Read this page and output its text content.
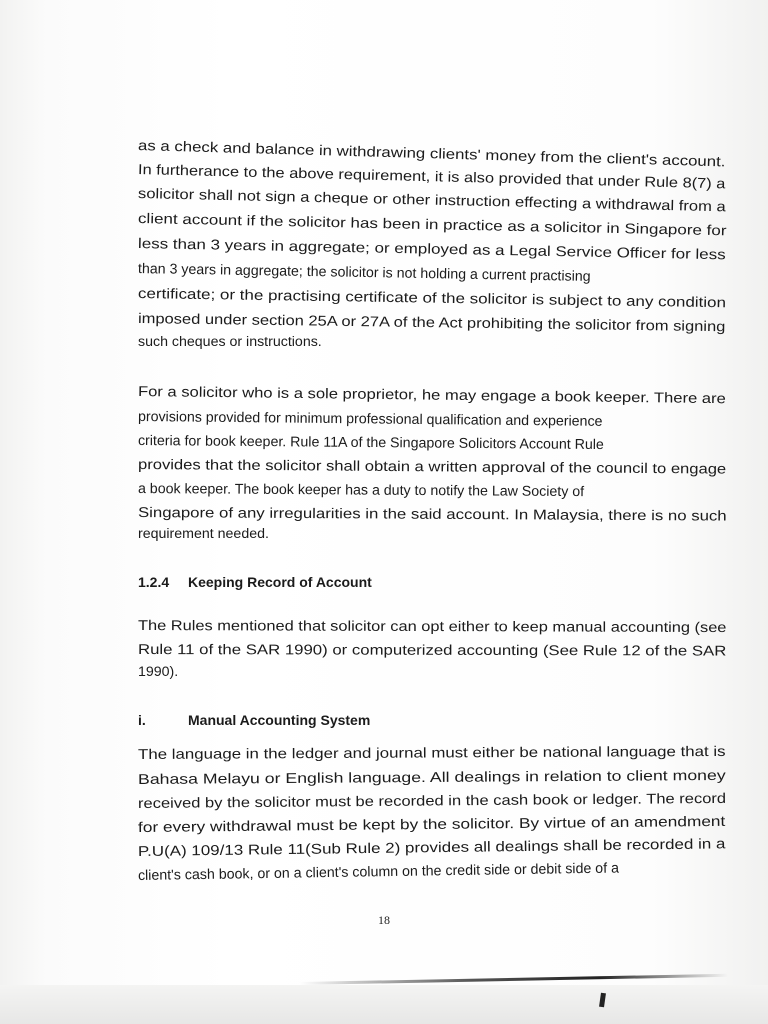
as a check and balance in withdrawing clients' money from the client's account.
In furtherance to the above requirement, it is also provided that under Rule 8(7) a
solicitor shall not sign a cheque or other instruction effecting a withdrawal from a
client account if the solicitor has been in practice as a solicitor in Singapore for
less than 3 years in aggregate; or employed as a Legal Service Officer for less
than 3 years in aggregate; the solicitor is not holding a current practising
certificate; or the practising certificate of the solicitor is subject to any condition
imposed under section 25A or 27A of the Act prohibiting the solicitor from signing
such cheques or instructions.
For a solicitor who is a sole proprietor, he may engage a book keeper. There are
provisions provided for minimum professional qualification and experience
criteria for book keeper. Rule 11A of the Singapore Solicitors Account Rule
provides that the solicitor shall obtain a written approval of the council to engage
a book keeper. The book keeper has a duty to notify the Law Society of
Singapore of any irregularities in the said account. In Malaysia, there is no such
requirement needed.
1.2.4 Keeping Record of Account
The Rules mentioned that solicitor can opt either to keep manual accounting (see
Rule 11 of the SAR 1990) or computerized accounting (See Rule 12 of the SAR
1990).
i.	Manual Accounting System
The language in the ledger and journal must either be national language that is
Bahasa Melayu or English language. All dealings in relation to client money
received by the solicitor must be recorded in the cash book or ledger. The record
for every withdrawal must be kept by the solicitor. By virtue of an amendment
P.U(A) 109/13 Rule 11(Sub Rule 2) provides all dealings shall be recorded in a
client's cash book, or on a client's column on the credit side or debit side of a
18
